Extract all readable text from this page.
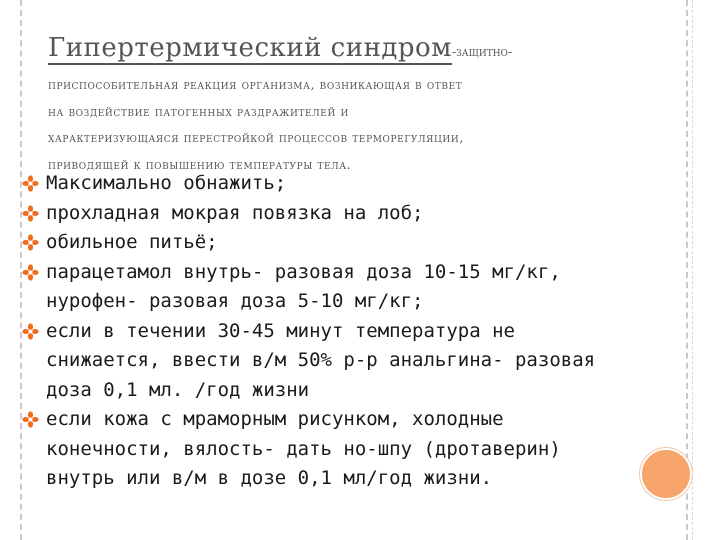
Гипертермический синдром-защитно-
приспособительная реакция организма, возникающая в ответ
на воздействие патогенных раздражителей и
характеризующаяся перестройкой процессов терморегуляции,
приводящей к повышению температуры тела.
Максимально обнажить;
прохладная мокрая повязка на лоб;
обильное питьё;
парацетамол внутрь- разовая доза 10-15 мг/кг,
нурофен- разовая доза 5-10 мг/кг;
если в течении 30-45 минут температура не
снижается, ввести в/м 50% р-р анальгина- разовая
доза 0,1 мл. /год жизни
если кожа с мраморным рисунком, холодные
конечности, вялость- дать но-шпу (дротаверин)
внутрь или в/м в дозе 0,1 мл/год жизни.
